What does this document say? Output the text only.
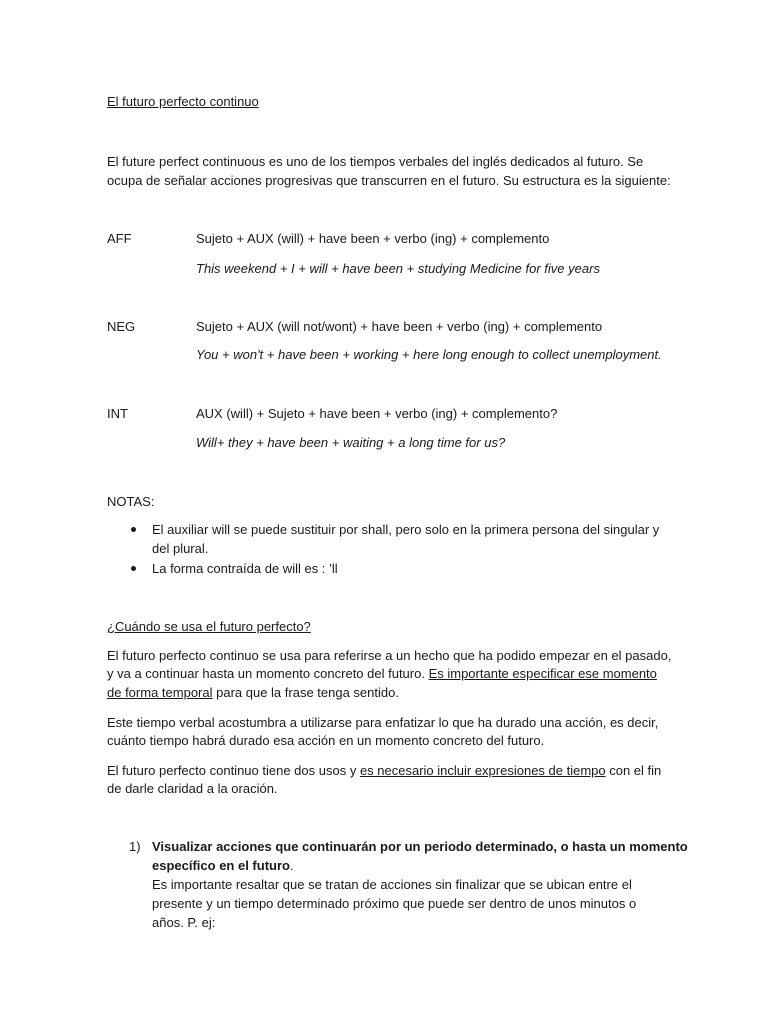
El futuro perfecto continuo
El future perfect continuous es uno de los tiempos verbales del inglés dedicados al futuro. Se
ocupa de señalar acciones progresivas que transcurren en el futuro. Su estructura es la siguiente:
AFF	Sujeto + AUX (will) + have been + verbo (ing) + complemento
This weekend + I + will + have been + studying Medicine for five years
NEG	Sujeto + AUX (will not/wont) + have been + verbo (ing) + complemento
You + won't + have been + working + here long enough to collect unemployment.
INT	AUX (will) + Sujeto + have been + verbo (ing) + complemento?
Will+ they + have been + waiting + a long time for us?
NOTAS:
El auxiliar will se puede sustituir por shall, pero solo en la primera persona del singular y
del plural.
La forma contraída de will es : ’ll
¿Cuándo se usa el futuro perfecto?
El futuro perfecto continuo se usa para referirse a un hecho que ha podido empezar en el pasado,
y va a continuar hasta un momento concreto del futuro. Es importante especificar ese momento
de forma temporal para que la frase tenga sentido.
Este tiempo verbal acostumbra a utilizarse para enfatizar lo que ha durado una acción, es decir,
cuánto tiempo habrá durado esa acción en un momento concreto del futuro.
El futuro perfecto continuo tiene dos usos y es necesario incluir expresiones de tiempo con el fin
de darle claridad a la oración.
1) Visualizar acciones que continuarán por un periodo determinado, o hasta un momento
específico en el futuro.
Es importante resaltar que se tratan de acciones sin finalizar que se ubican entre el
presente y un tiempo determinado próximo que puede ser dentro de unos minutos o
años. P. ej:
